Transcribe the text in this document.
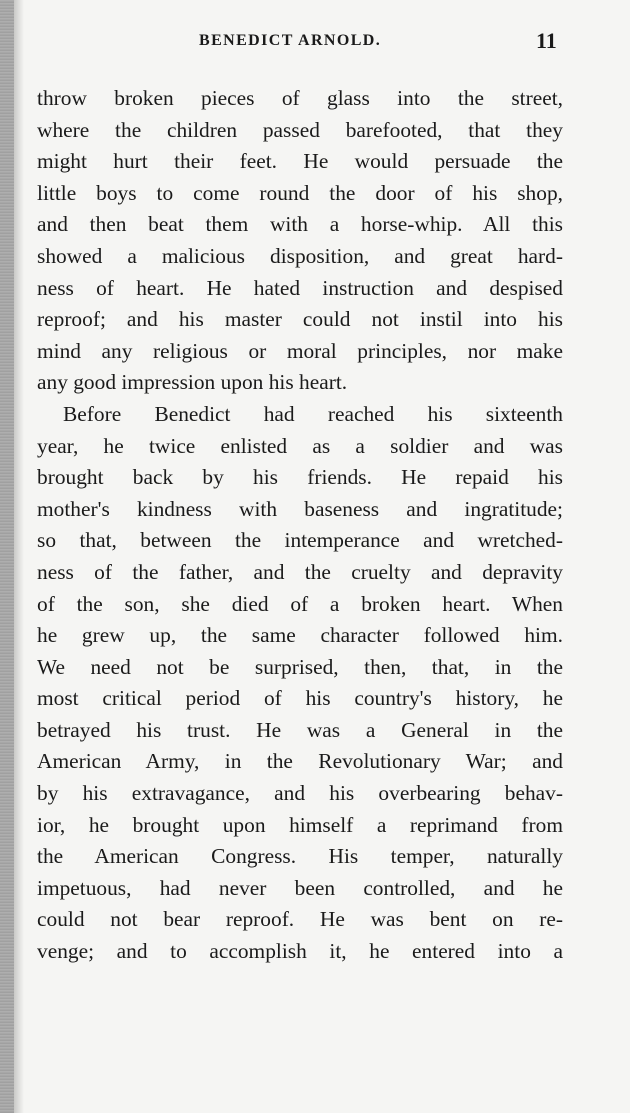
BENEDICT ARNOLD.	11
throw broken pieces of glass into the street,
where the children passed barefooted, that they
might hurt their feet. He would persuade the
little boys to come round the door of his shop,
and then beat them with a horse-whip. All this
showed a malicious disposition, and great hard-
ness of heart. He hated instruction and despised
reproof; and his master could not instil into his
mind any religious or moral principles, nor make
any good impression upon his heart.
Before Benedict had reached his sixteenth
year, he twice enlisted as a soldier and was
brought back by his friends. He repaid his
mother's kindness with baseness and ingratitude;
so that, between the intemperance and wretched-
ness of the father, and the cruelty and depravity
of the son, she died of a broken heart. When
he grew up, the same character followed him.
We need not be surprised, then, that, in the
most critical period of his country's history, he
betrayed his trust. He was a General in the
American Army, in the Revolutionary War; and
by his extravagance, and his overbearing behav-
ior, he brought upon himself a reprimand from
the American Congress. His temper, naturally
impetuous, had never been controlled, and he
could not bear reproof. He was bent on re-
venge; and to accomplish it, he entered into a
